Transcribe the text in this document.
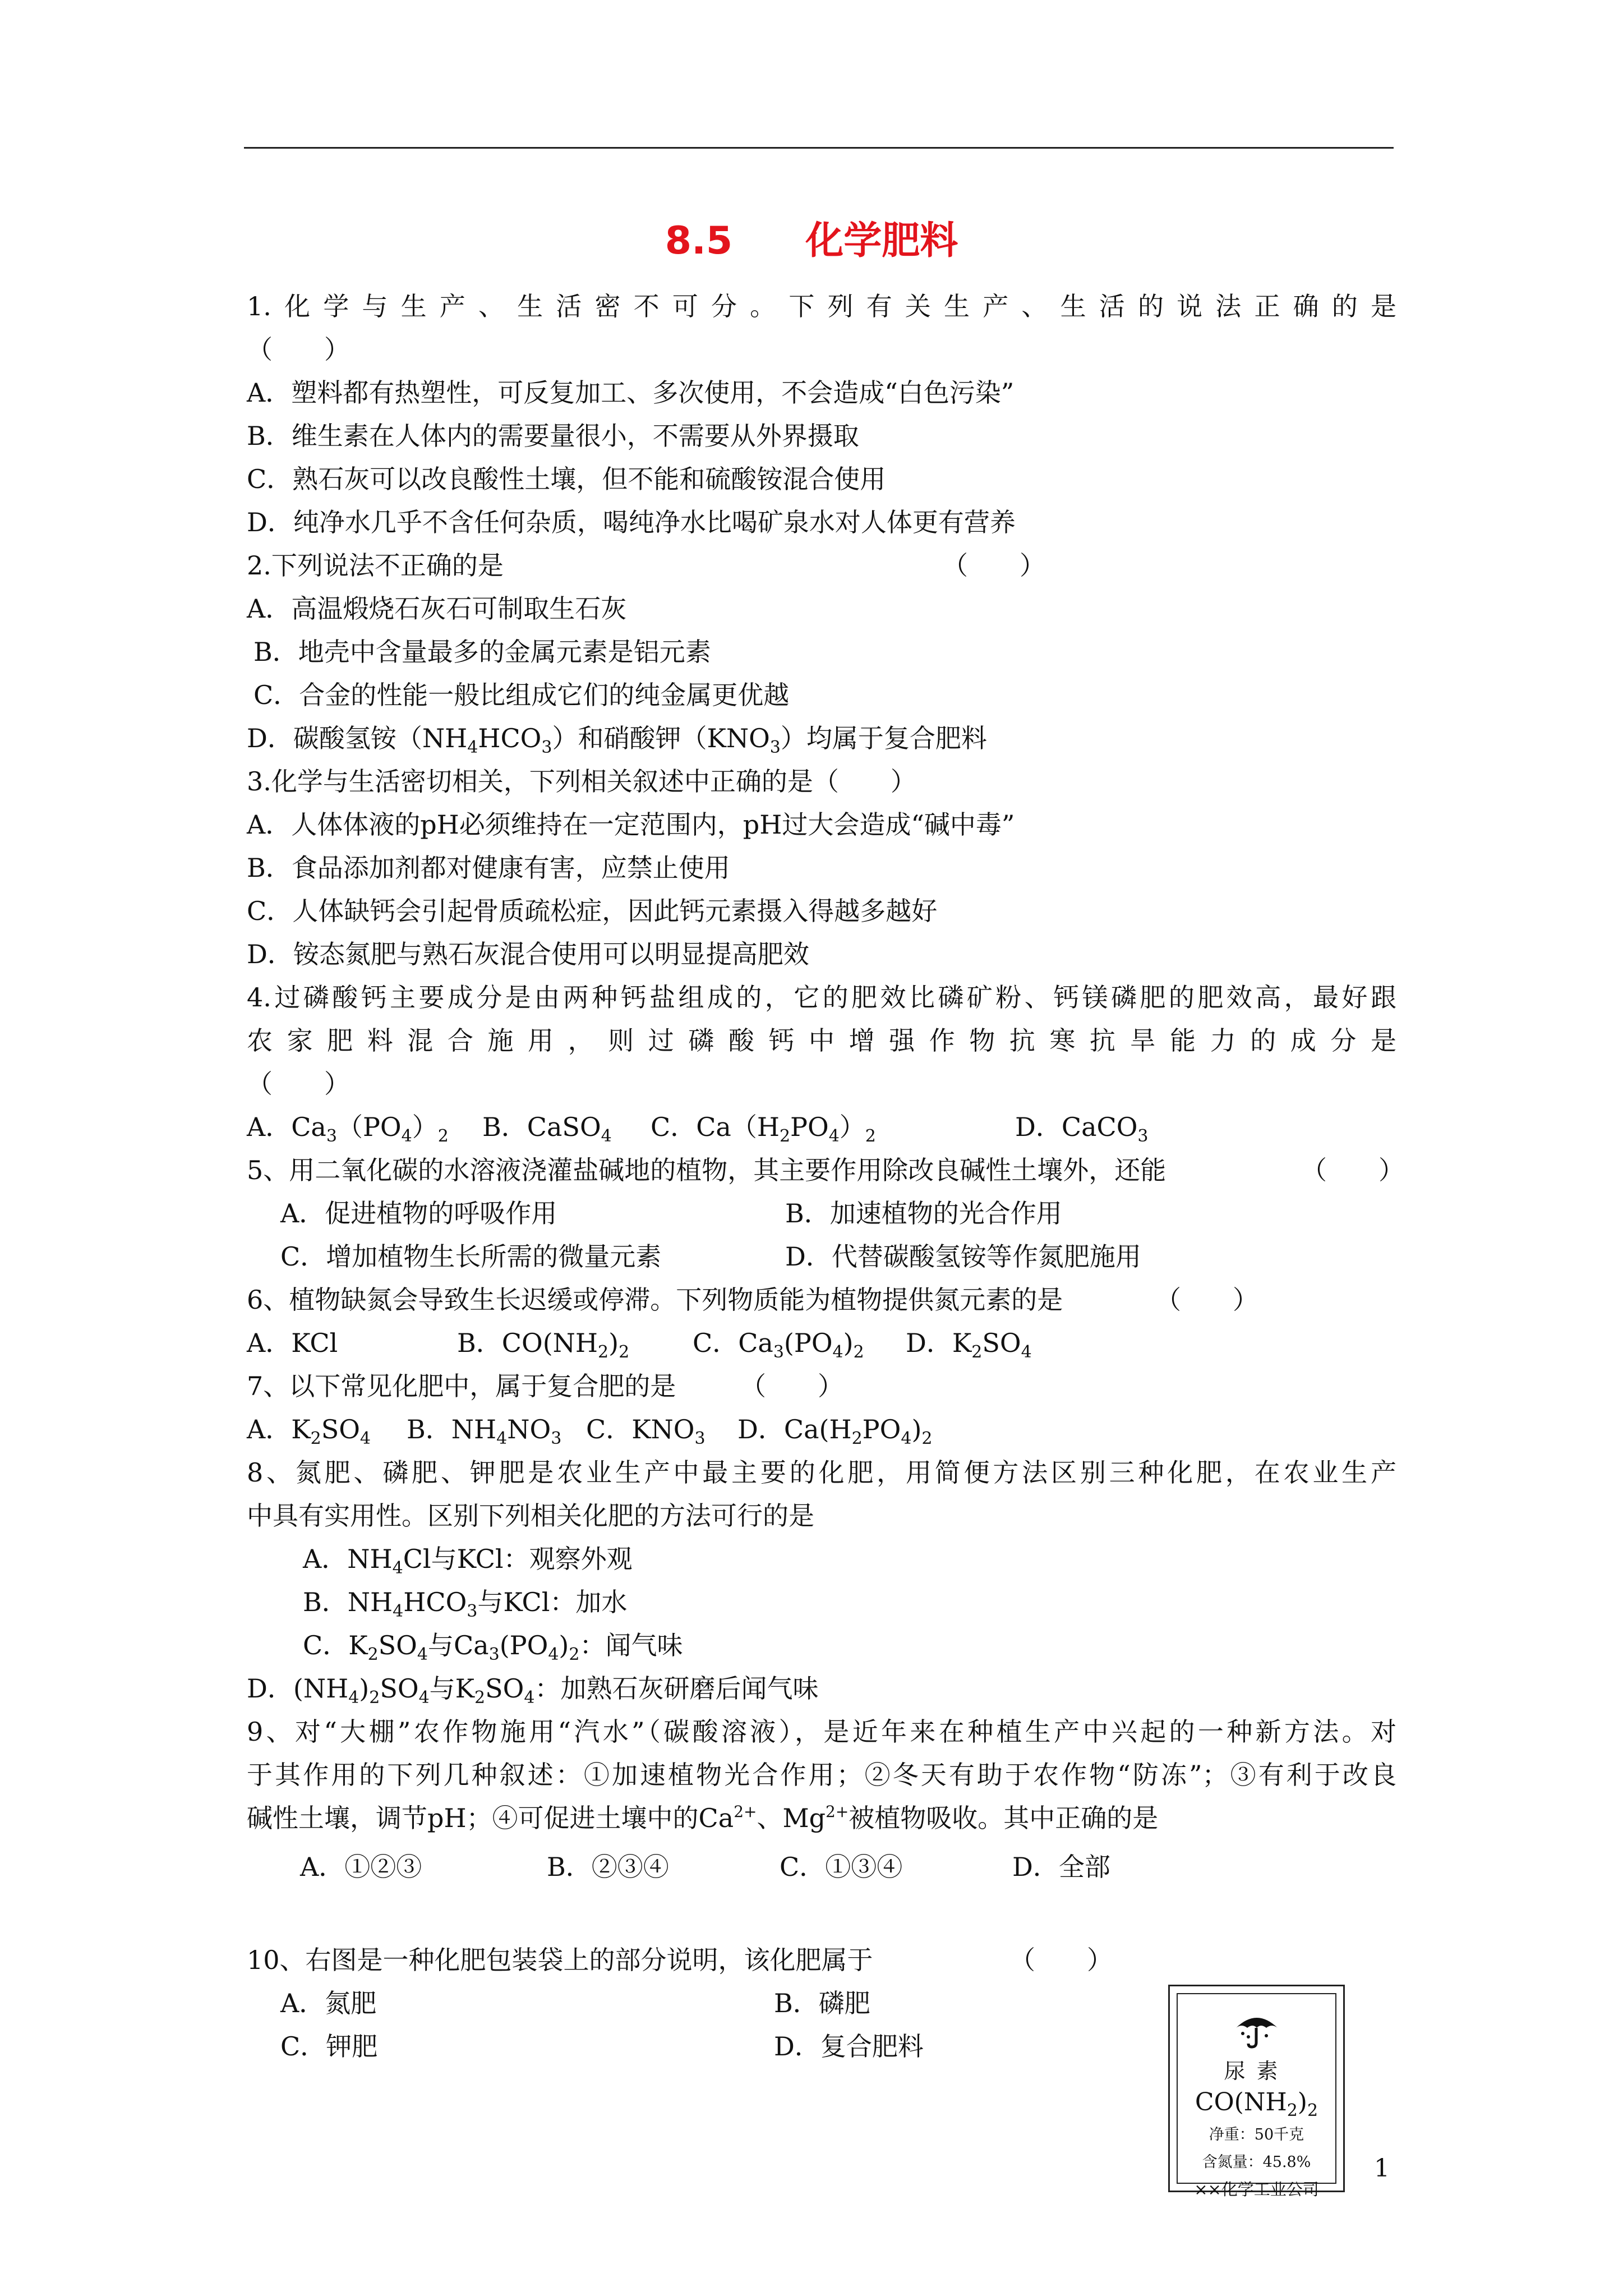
8.5 化学肥料
1.化学与生产、生活密不可分。下列有关生产、生活的说法正确的是
（　　）
A．塑料都有热塑性，可反复加工、多次使用，不会造成“白色污染”
B．维生素在人体内的需要量很小，不需要从外界摄取
C．熟石灰可以改良酸性土壤，但不能和硫酸铵混合使用
D．纯净水几乎不含任何杂质，喝纯净水比喝矿泉水对人体更有营养
2.下列说法不正确的是	（　　）
A．高温煅烧石灰石可制取生石灰
B．地壳中含量最多的金属元素是铝元素
C．合金的性能一般比组成它们的纯金属更优越
D．碳酸氢铵$(NH_4HCO_3)$和硝酸钾$(KNO_3)$均属于复合肥料
3.化学与生活密切相关，下列相关叙述中正确的是（　　）
A．人体体液的pH必须维持在一定范围内，pH过大会造成“碱中毒”
B．食品添加剂都对健康有害，应禁止使用
C．人体缺钙会引起骨质疏松症，因此钙元素摄入得越多越好
D．铵态氮肥与熟石灰混合使用可以明显提高肥效
4.过磷酸钙主要成分是由两种钙盐组成的，它的肥效比磷矿粉、钙镁磷肥的肥效高，最好跟
农家肥料混合施用，则过磷酸钙中增强作物抗寒抗旱能力的成分是
（　　）
A．$Ca_3(PO_4)_2$	B．CaSO$_4$	C．$Ca(H_2PO_4)_2$	D．CaCO$_3$
5、用二氧化碳的水溶液浇灌盐碱地的植物，其主要作用除改良碱性土壤外，还能	（　　）
A．促进植物的呼吸作用	B．加速植物的光合作用
C．增加植物生长所需的微量元素	D．代替碳酸氢铵等作氮肥施用
6、植物缺氮会导致生长迟缓或停滞。下列物质能为植物提供氮元素的是	（　　）
A．KCl	B．$CO(NH_2)_2$	C．$Ca_3(PO_4)_2$	D．$K_2SO_4$
7、以下常见化肥中，属于复合肥的是 （　　）
A．$K_2SO_4$	B．$NH_4NO_3$ C．$KNO_3$	D．$Ca(H_2PO_4)_2$
8、氮肥、磷肥、钾肥是农业生产中最主要的化肥，用简便方法区别三种化肥，在农业生产
中具有实用性。区别下列相关化肥的方法可行的是
A．$NH_4Cl$与KCl：观察外观
B．$NH_4HCO_3$与KCl：加水
C．$K_2SO_4$与$Ca_3(PO_4)_2$：闻气味
D．$(NH_4)_2SO_4$与$K_2SO_4$：加熟石灰研磨后闻气味
9、对“大棚”农作物施用“汽水”（碳酸溶液），是近年来在种植生产中兴起的一种新方法。对
于其作用的下列几种叙述：①加速植物光合作用；②冬天有助于农作物“防冻”；③有利于改良
碱性土壤，调节pH；④可促进土壤中的$Ca^{2+}$、$Mg^{2+}$被植物吸收。其中正确的是
A．①②③	B．②③④	C．①③④	D．全部
10、右图是一种化肥包装袋上的部分说明，该化肥属于	（　　）
A．氮肥	B．磷肥
C．钾肥	D．复合肥料
尿素
$CO(NH_2)_2$
净重：50千克
含氮量：45.8%
××化学工业公司
1
